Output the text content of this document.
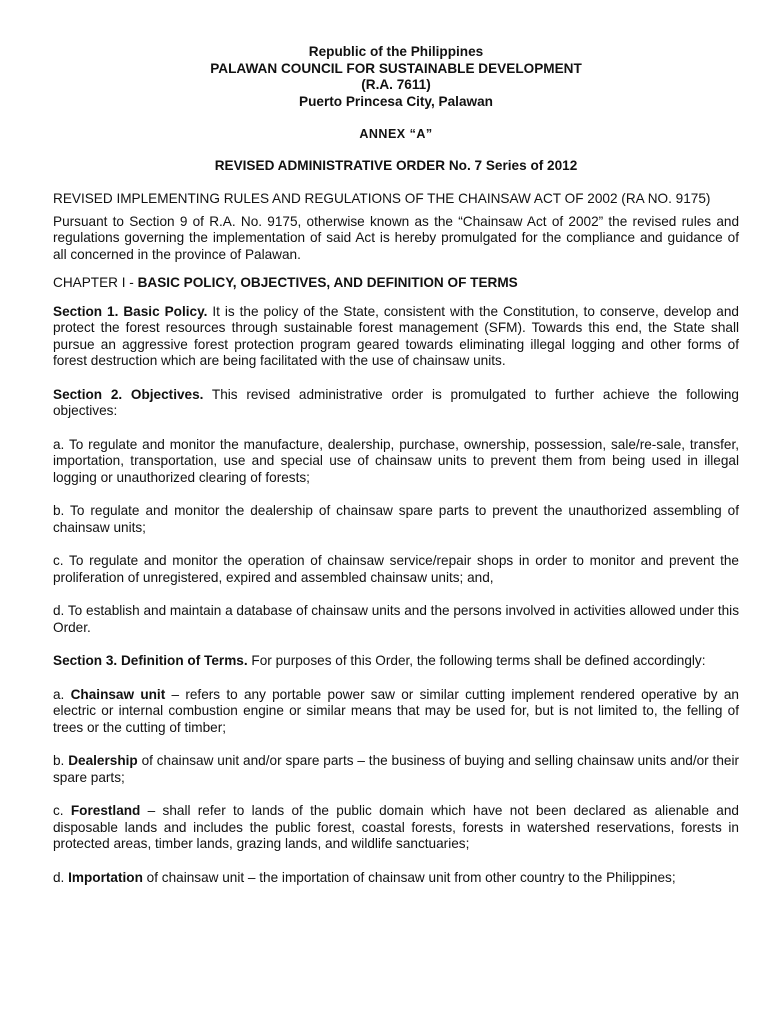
Republic of the Philippines
PALAWAN COUNCIL FOR SUSTAINABLE DEVELOPMENT
(R.A. 7611)
Puerto Princesa City, Palawan
ANNEX “A”
REVISED ADMINISTRATIVE ORDER No. 7 Series of 2012

REVISED IMPLEMENTING RULES AND REGULATIONS OF THE CHAINSAW ACT OF 2002 (RA NO. 9175)

Pursuant to Section 9 of R.A. No. 9175, otherwise known as the “Chainsaw Act of 2002” the revised rules and regulations governing the implementation of said Act is hereby promulgated for the compliance and guidance of all concerned in the province of Palawan.

CHAPTER I - BASIC POLICY, OBJECTIVES, AND DEFINITION OF TERMS

Section 1. Basic Policy. It is the policy of the State, consistent with the Constitution, to conserve, develop and protect the forest resources through sustainable forest management (SFM). Towards this end, the State shall pursue an aggressive forest protection program geared towards eliminating illegal logging and other forms of forest destruction which are being facilitated with the use of chainsaw units.

Section 2. Objectives. This revised administrative order is promulgated to further achieve the following objectives:

a. To regulate and monitor the manufacture, dealership, purchase, ownership, possession, sale/re-sale, transfer, importation, transportation, use and special use of chainsaw units to prevent them from being used in illegal logging or unauthorized clearing of forests;

b. To regulate and monitor the dealership of chainsaw spare parts to prevent the unauthorized assembling of chainsaw units;

c. To regulate and monitor the operation of chainsaw service/repair shops in order to monitor and prevent the proliferation of unregistered, expired and assembled chainsaw units; and,

d. To establish and maintain a database of chainsaw units and the persons involved in activities allowed under this Order.

Section 3. Definition of Terms. For purposes of this Order, the following terms shall be defined accordingly:

a. Chainsaw unit – refers to any portable power saw or similar cutting implement rendered operative by an electric or internal combustion engine or similar means that may be used for, but is not limited to, the felling of trees or the cutting of timber;

b. Dealership of chainsaw unit and/or spare parts – the business of buying and selling chainsaw units and/or their spare parts;

c. Forestland – shall refer to lands of the public domain which have not been declared as alienable and disposable lands and includes the public forest, coastal forests, forests in watershed reservations, forests in protected areas, timber lands, grazing lands, and wildlife sanctuaries;

d. Importation of chainsaw unit – the importation of chainsaw unit from other country to the Philippines;
